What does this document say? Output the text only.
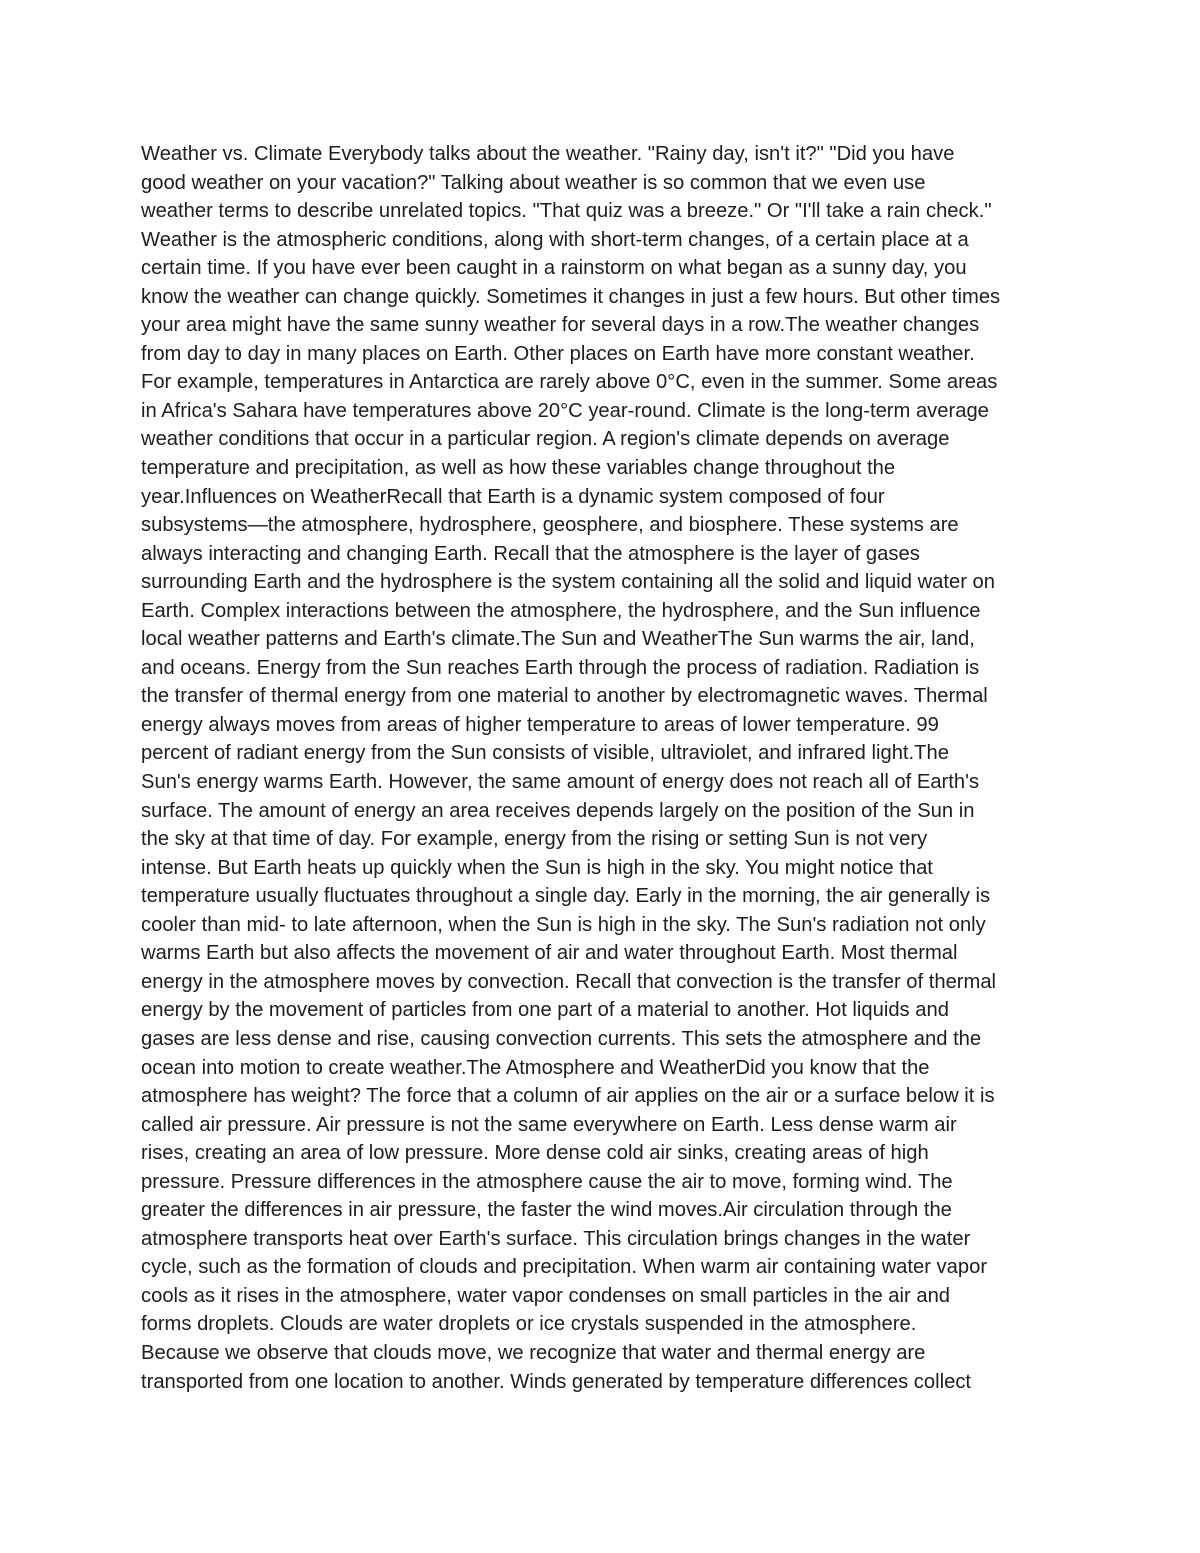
Weather vs. Climate Everybody talks about the weather. "Rainy day, isn't it?" "Did you have
good weather on your vacation?" Talking about weather is so common that we even use
weather terms to describe unrelated topics. "That quiz was a breeze." Or "I'll take a rain check."
Weather is the atmospheric conditions, along with short-term changes, of a certain place at a
certain time. If you have ever been caught in a rainstorm on what began as a sunny day, you
know the weather can change quickly. Sometimes it changes in just a few hours. But other times
your area might have the same sunny weather for several days in a row.The weather changes
from day to day in many places on Earth. Other places on Earth have more constant weather.
For example, temperatures in Antarctica are rarely above 0°C, even in the summer. Some areas
in Africa's Sahara have temperatures above 20°C year-round. Climate is the long-term average
weather conditions that occur in a particular region. A region's climate depends on average
temperature and precipitation, as well as how these variables change throughout the
year.Influences on WeatherRecall that Earth is a dynamic system composed of four
subsystems—the atmosphere, hydrosphere, geosphere, and biosphere. These systems are
always interacting and changing Earth. Recall that the atmosphere is the layer of gases
surrounding Earth and the hydrosphere is the system containing all the solid and liquid water on
Earth. Complex interactions between the atmosphere, the hydrosphere, and the Sun influence
local weather patterns and Earth's climate.The Sun and WeatherThe Sun warms the air, land,
and oceans. Energy from the Sun reaches Earth through the process of radiation. Radiation is
the transfer of thermal energy from one material to another by electromagnetic waves. Thermal
energy always moves from areas of higher temperature to areas of lower temperature. 99
percent of radiant energy from the Sun consists of visible, ultraviolet, and infrared light.The
Sun's energy warms Earth. However, the same amount of energy does not reach all of Earth's
surface. The amount of energy an area receives depends largely on the position of the Sun in
the sky at that time of day. For example, energy from the rising or setting Sun is not very
intense. But Earth heats up quickly when the Sun is high in the sky. You might notice that
temperature usually fluctuates throughout a single day. Early in the morning, the air generally is
cooler than mid- to late afternoon, when the Sun is high in the sky. The Sun's radiation not only
warms Earth but also affects the movement of air and water throughout Earth. Most thermal
energy in the atmosphere moves by convection. Recall that convection is the transfer of thermal
energy by the movement of particles from one part of a material to another. Hot liquids and
gases are less dense and rise, causing convection currents. This sets the atmosphere and the
ocean into motion to create weather.The Atmosphere and WeatherDid you know that the
atmosphere has weight? The force that a column of air applies on the air or a surface below it is
called air pressure. Air pressure is not the same everywhere on Earth. Less dense warm air
rises, creating an area of low pressure. More dense cold air sinks, creating areas of high
pressure. Pressure differences in the atmosphere cause the air to move, forming wind. The
greater the differences in air pressure, the faster the wind moves.Air circulation through the
atmosphere transports heat over Earth's surface. This circulation brings changes in the water
cycle, such as the formation of clouds and precipitation. When warm air containing water vapor
cools as it rises in the atmosphere, water vapor condenses on small particles in the air and
forms droplets. Clouds are water droplets or ice crystals suspended in the atmosphere.
Because we observe that clouds move, we recognize that water and thermal energy are
transported from one location to another. Winds generated by temperature differences collect
